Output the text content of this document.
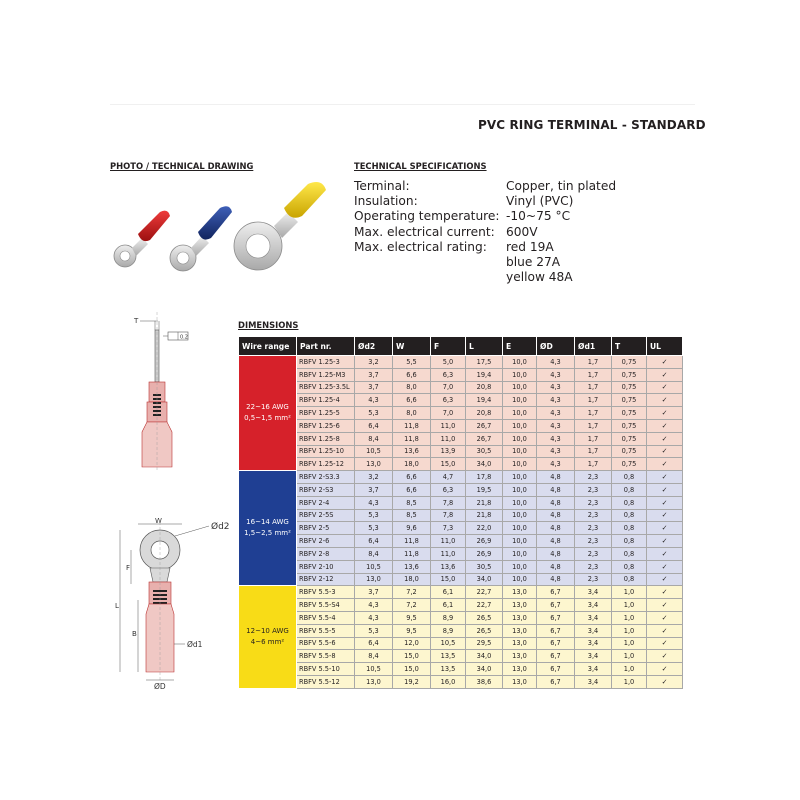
PVC RING TERMINAL - STANDARD
PHOTO / TECHNICAL DRAWING	TECHNICAL SPECIFICATIONS
Terminal:	Copper, tin plated
Insulation:	Vinyl (PVC)
Operating temperature: -10~75 °C
Max. electrical current: 600V
Max. electrical rating:	red 19A
blue 27A
yellow 48A
T
0.2
W
Ød2
L
F
B
Ød1
ØD
DIMENSIONS
Wire range	Part nr.	Ød2	W	F	L	E	ØD	Ød1	T	UL

22~16 AWG
0,5~1,5 mm²	RBFV 1.25-3	3,2	5,5	5,0	17,5	10,0	4,3	1,7	0,75	✓
	RBFV 1.25-M3	3,7	6,6	6,3	19,4	10,0	4,3	1,7	0,75	✓
	RBFV 1.25-3.5L	3,7	8,0	7,0	20,8	10,0	4,3	1,7	0,75	✓
	RBFV 1.25-4	4,3	6,6	6,3	19,4	10,0	4,3	1,7	0,75	✓
	RBFV 1.25-5	5,3	8,0	7,0	20,8	10,0	4,3	1,7	0,75	✓
	RBFV 1.25-6	6,4	11,8	11,0	26,7	10,0	4,3	1,7	0,75	✓
	RBFV 1.25-8	8,4	11,8	11,0	26,7	10,0	4,3	1,7	0,75	✓
	RBFV 1.25-10	10,5	13,6	13,9	30,5	10,0	4,3	1,7	0,75	✓
	RBFV 1.25-12	13,0	18,0	15,0	34,0	10,0	4,3	1,7	0,75	✓

16~14 AWG
1,5~2,5 mm²	RBFV 2-S3.3	3,2	6,6	4,7	17,8	10,0	4,8	2,3	0,8	✓
	RBFV 2-S3	3,7	6,6	6,3	19,5	10,0	4,8	2,3	0,8	✓
	RBFV 2-4	4,3	8,5	7,8	21,8	10,0	4,8	2,3	0,8	✓
	RBFV 2-5S	5,3	8,5	7,8	21,8	10,0	4,8	2,3	0,8	✓
	RBFV 2-5	5,3	9,6	7,3	22,0	10,0	4,8	2,3	0,8	✓
	RBFV 2-6	6,4	11,8	11,0	26,9	10,0	4,8	2,3	0,8	✓
	RBFV 2-8	8,4	11,8	11,0	26,9	10,0	4,8	2,3	0,8	✓
	RBFV 2-10	10,5	13,6	13,6	30,5	10,0	4,8	2,3	0,8	✓
	RBFV 2-12	13,0	18,0	15,0	34,0	10,0	4,8	2,3	0,8	✓

12~10 AWG
4~6 mm²	RBFV 5.5-3	3,7	7,2	6,1	22,7	13,0	6,7	3,4	1,0	✓
	RBFV 5.5-S4	4,3	7,2	6,1	22,7	13,0	6,7	3,4	1,0	✓
	RBFV 5.5-4	4,3	9,5	8,9	26,5	13,0	6,7	3,4	1,0	✓
	RBFV 5.5-5	5,3	9,5	8,9	26,5	13,0	6,7	3,4	1,0	✓
	RBFV 5.5-6	6,4	12,0	10,5	29,5	13,0	6,7	3,4	1,0	✓
	RBFV 5.5-8	8,4	15,0	13,5	34,0	13,0	6,7	3,4	1,0	✓
	RBFV 5.5-10	10,5	15,0	13,5	34,0	13,0	6,7	3,4	1,0	✓
	RBFV 5.5-12	13,0	19,2	16,0	38,6	13,0	6,7	3,4	1,0	✓
